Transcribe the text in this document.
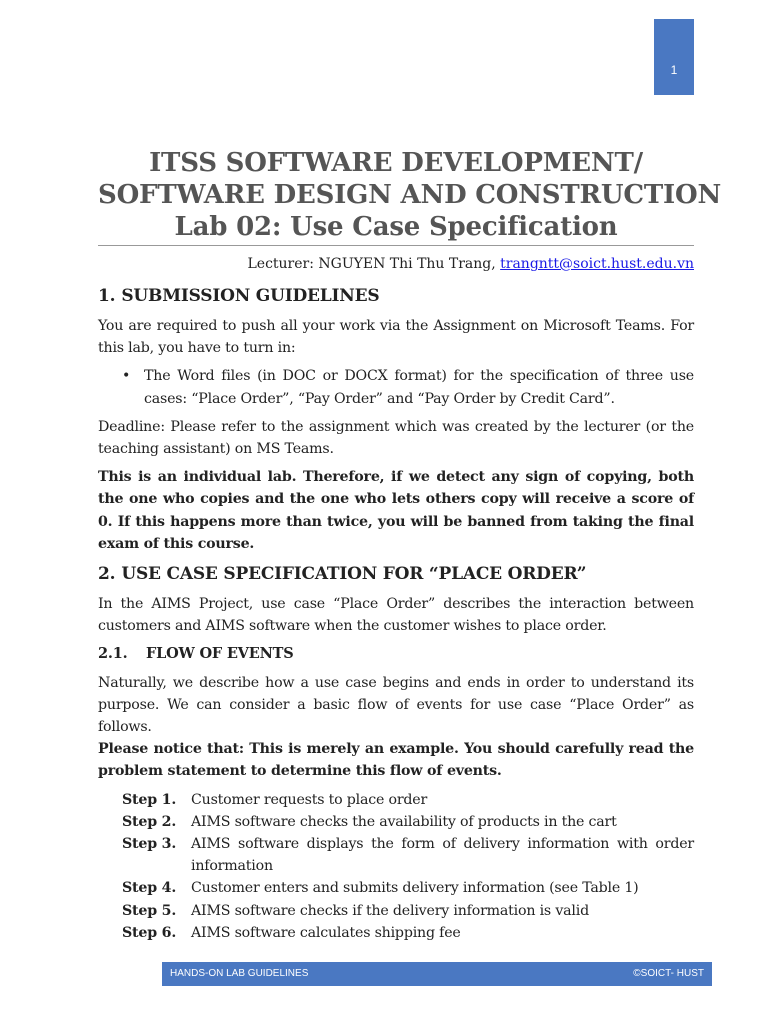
1
ITSS SOFTWARE DEVELOPMENT/
SOFTWARE DESIGN AND CONSTRUCTION
Lab 02: Use Case Specification
Lecturer: NGUYEN Thi Thu Trang, trangntt@soict.hust.edu.vn
1. SUBMISSION GUIDELINES

You are required to push all your work via the Assignment on Microsoft Teams. For this lab, you have to turn in:

• The Word files (in DOC or DOCX format) for the specification of three use cases: “Place Order”, “Pay Order” and “Pay Order by Credit Card”.

Deadline: Please refer to the assignment which was created by the lecturer (or the teaching assistant) on MS Teams.

This is an individual lab. Therefore, if we detect any sign of copying, both the one who copies and the one who lets others copy will receive a score of 0. If this happens more than twice, you will be banned from taking the final exam of this course.

2. USE CASE SPECIFICATION FOR “PLACE ORDER”

In the AIMS Project, use case “Place Order” describes the interaction between customers and AIMS software when the customer wishes to place order.

2.1. FLOW OF EVENTS

Naturally, we describe how a use case begins and ends in order to understand its purpose. We can consider a basic flow of events for use case “Place Order” as follows.

Please notice that: This is merely an example. You should carefully read the problem statement to determine this flow of events.

Step 1.	Customer requests to place order
Step 2.	AIMS software checks the availability of products in the cart
Step 3.	AIMS software displays the form of delivery information with order information
Step 4.	Customer enters and submits delivery information (see Table 1)
Step 5.	AIMS software checks if the delivery information is valid
Step 6.	AIMS software calculates shipping fee
HANDS-ON LAB GUIDELINES	©SOICT- HUST
